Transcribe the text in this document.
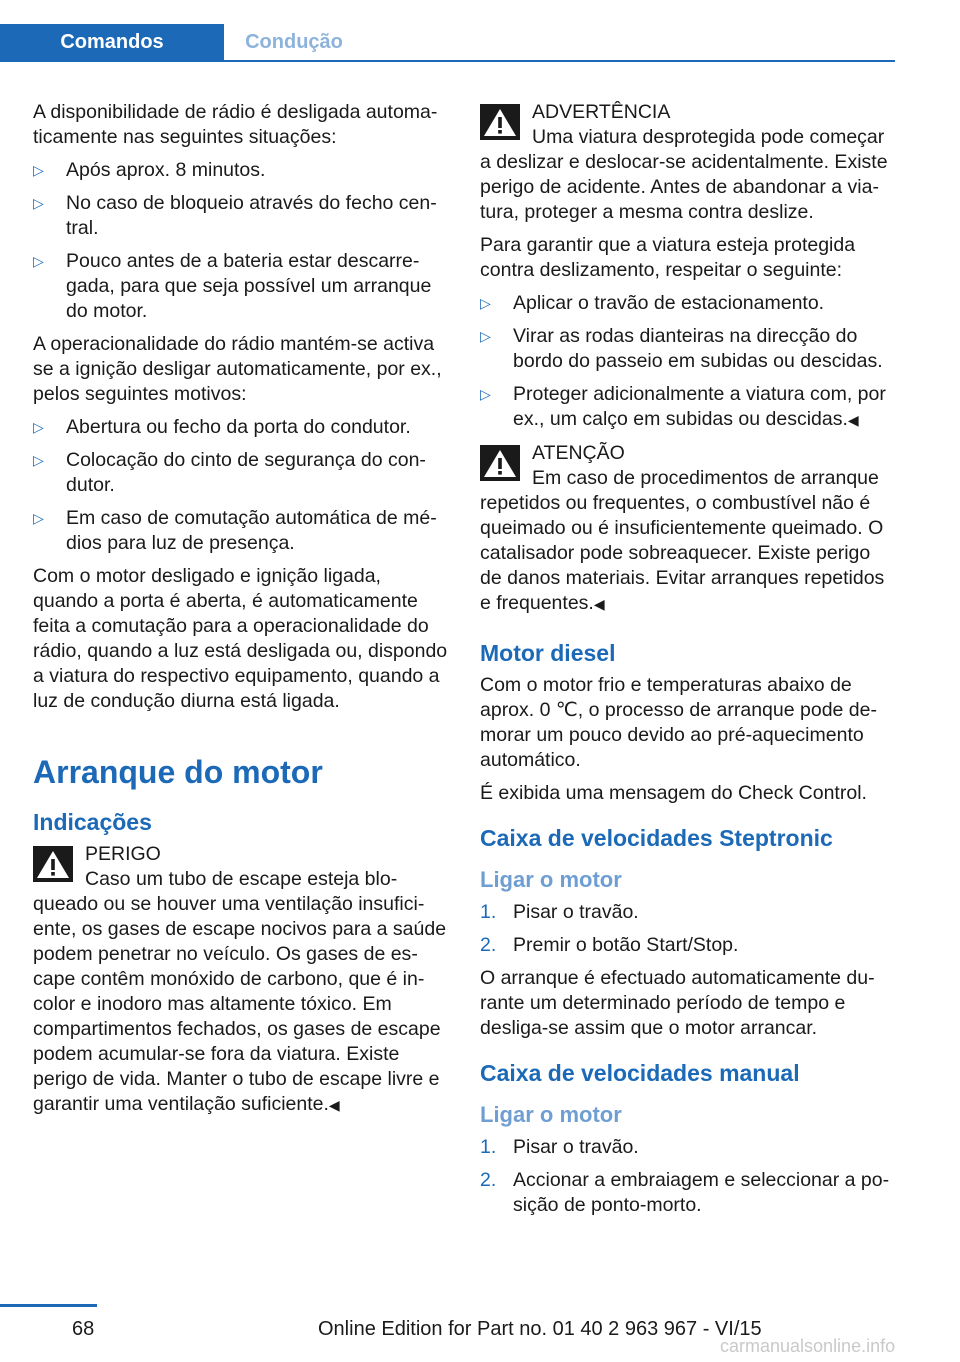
Comandos	Condução

A disponibilidade de rádio é desligada automaticamente nas seguintes situações:

▷	Após aprox. 8 minutos.
▷	No caso de bloqueio através do fecho central.
▷	Pouco antes de a bateria estar descarregada, para que seja possível um arranque do motor.

A operacionalidade do rádio mantém-se activa se a ignição desligar automaticamente, por ex., pelos seguintes motivos:

▷	Abertura ou fecho da porta do condutor.
▷	Colocação do cinto de segurança do condutor.
▷	Em caso de comutação automática de médios para luz de presença.

Com o motor desligado e ignição ligada, quando a porta é aberta, é automaticamente feita a comutação para a operacionalidade do rádio, quando a luz está desligada ou, dispondo a viatura do respectivo equipamento, quando a luz de condução diurna está ligada.

Arranque do motor
Indicações
PERIGO
Caso um tubo de escape esteja bloqueado ou se houver uma ventilação insuficiente, os gases de escape nocivos para a saúde podem penetrar no veículo. Os gases de escape contêm monóxido de carbono, que é incolor e inodoro mas altamente tóxico. Em compartimentos fechados, os gases de escape podem acumular-se fora da viatura. Existe perigo de vida. Manter o tubo de escape livre e garantir uma ventilação suficiente.◀
ADVERTÊNCIA
Uma viatura desprotegida pode começar a deslizar e deslocar-se acidentalmente. Existe perigo de acidente. Antes de abandonar a viatura, proteger a mesma contra deslize.

Para garantir que a viatura esteja protegida contra deslizamento, respeitar o seguinte:

▷	Aplicar o travão de estacionamento.
▷	Virar as rodas dianteiras na direcção do bordo do passeio em subidas ou descidas.
▷	Proteger adicionalmente a viatura com, por ex., um calço em subidas ou descidas.◀
ATENÇÃO
Em caso de procedimentos de arranque repetidos ou frequentes, o combustível não é queimado ou é insuficientemente queimado. O catalisador pode sobreaquecer. Existe perigo de danos materiais. Evitar arranques repetidos e frequentes.◀
Motor diesel

Com o motor frio e temperaturas abaixo de aprox. 0 ℃, o processo de arranque pode demorar um pouco devido ao pré-aquecimento automático.

É exibida uma mensagem do Check Control.

Caixa de velocidades Steptronic
Ligar o motor
1. Pisar o travão.
2. Premir o botão Start/Stop.

O arranque é efectuado automaticamente durante um determinado período de tempo e desliga-se assim que o motor arrancar.

Caixa de velocidades manual
Ligar o motor
1. Pisar o travão.
2. Accionar a embraiagem e seleccionar a posição de ponto-morto.
68	Online Edition for Part no. 01 40 2 963 967 - VI/15
carmanualsonline.info
